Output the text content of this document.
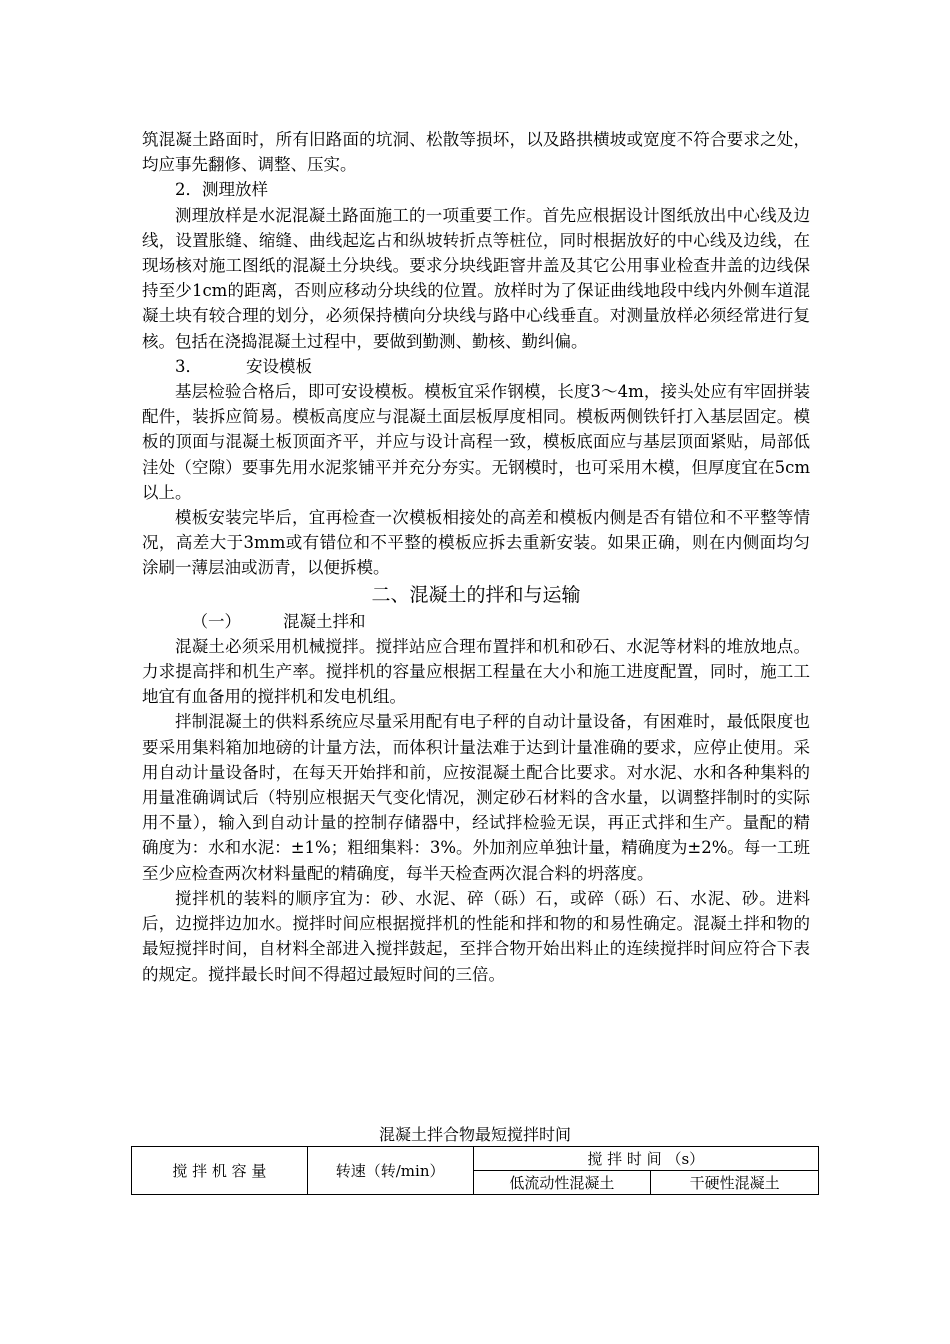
筑混凝土路面时，所有旧路面的坑洞、松散等损坏，以及路拱横坡或宽度不符合要求之处，均应事先翻修、调整、压实。

2．测理放样

测理放样是水泥混凝土路面施工的一项重要工作。首先应根据设计图纸放出中心线及边线，设置胀缝、缩缝、曲线起迄占和纵坡转折点等桩位，同时根据放好的中心线及边线，在现场核对施工图纸的混凝土分块线。要求分块线距窨井盖及其它公用事业检查井盖的边线保持至少1cm的距离，否则应移动分块线的位置。放样时为了保证曲线地段中线内外侧车道混凝土块有较合理的划分，必须保持横向分块线与路中心线垂直。对测量放样必须经常进行复核。包括在浇捣混凝土过程中，要做到勤测、勤核、勤纠偏。

3．	安设模板

基层检验合格后，即可安设模板。模板宜采作钢模，长度3～4m，接头处应有牢固拼装配件，装拆应简易。模板高度应与混凝土面层板厚度相同。模板两侧铁钎打入基层固定。模板的顶面与混凝土板顶面齐平，并应与设计高程一致，模板底面应与基层顶面紧贴，局部低洼处（空隙）要事先用水泥浆铺平并充分夯实。无钢模时，也可采用木模，但厚度宜在5cm以上。

模板安装完毕后，宜再检查一次模板相接处的高差和模板内侧是否有错位和不平整等情况，高差大于3mm或有错位和不平整的模板应拆去重新安装。如果正确，则在内侧面均匀涂刷一薄层油或沥青，以便拆模。

二、混凝土的拌和与运输

（一）	混凝土拌和

混凝土必须采用机械搅拌。搅拌站应合理布置拌和机和砂石、水泥等材料的堆放地点。力求提高拌和机生产率。搅拌机的容量应根据工程量在大小和施工进度配置，同时，施工工地宜有血备用的搅拌机和发电机组。

拌制混凝土的供料系统应尽量采用配有电子秤的自动计量设备，有困难时，最低限度也要采用集料箱加地磅的计量方法，而体积计量法难于达到计量准确的要求，应停止使用。采用自动计量设备时，在每天开始拌和前，应按混凝土配合比要求。对水泥、水和各种集料的用量准确调试后（特别应根据天气变化情况，测定砂石材料的含水量，以调整拌制时的实际用不量），输入到自动计量的控制存储器中，经试拌检验无误，再正式拌和生产。量配的精确度为：水和水泥：±1%；粗细集料：3%。外加剂应单独计量，精确度为±2%。每一工班至少应检查两次材料量配的精确度，每半天检查两次混合料的坍落度。

搅拌机的装料的顺序宜为：砂、水泥、碎（砾）石，或碎（砾）石、水泥、砂。进料后，边搅拌边加水。搅拌时间应根据搅拌机的性能和拌和物的和易性确定。混凝土拌和物的最短搅拌时间，自材料全部进入搅拌鼓起，至拌合物开始出料止的连续搅拌时间应符合下表的规定。搅拌最长时间不得超过最短时间的三倍。

混凝土拌合物最短搅拌时间
搅 拌 机 容 量	转速（转/min）	搅 拌 时 间 （s）	
		低流动性混凝土	干硬性混凝土
